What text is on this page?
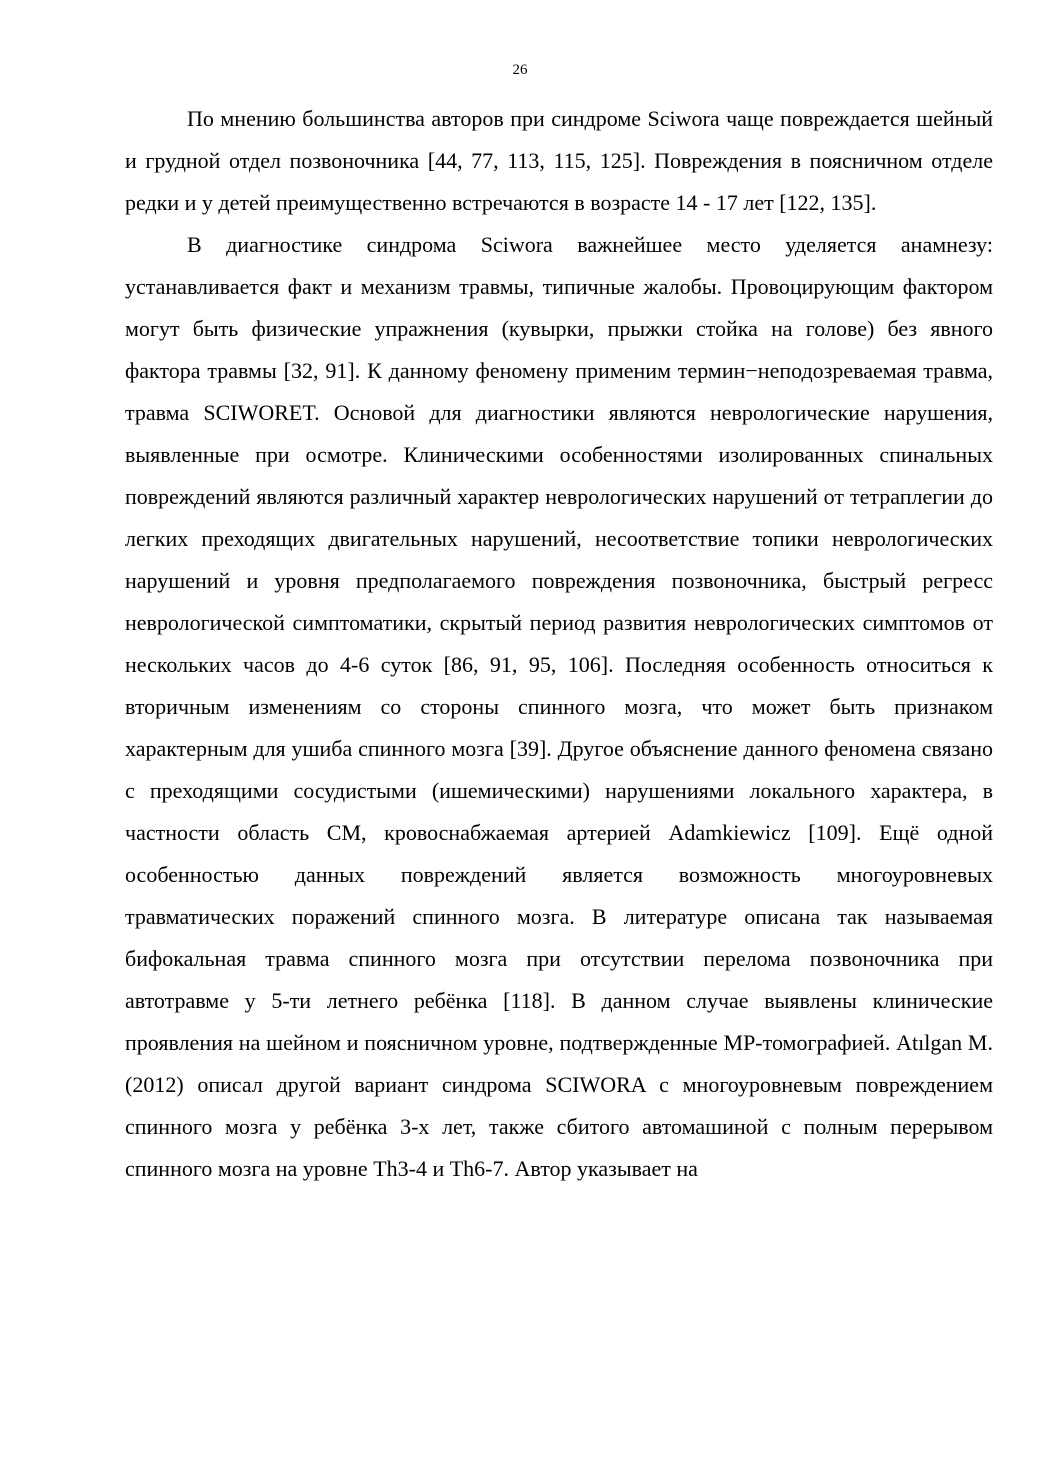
26

По мнению большинства авторов при синдроме Sciwora чаще повреждается шейный и грудной отдел позвоночника [44, 77, 113, 115, 125]. Повреждения в поясничном отделе редки и у детей преимущественно встречаются в возрасте 14 - 17 лет [122, 135].

В диагностике синдрома Sciwora важнейшее место уделяется анамнезу: устанавливается факт и механизм травмы, типичные жалобы. Провоцирующим фактором могут быть физические упражнения (кувырки, прыжки стойка на голове) без явного фактора травмы [32, 91]. К данному феномену применим термин−неподозреваемая травма, травма SCIWORET. Основой для диагностики являются неврологические нарушения, выявленные при осмотре. Клиническими особенностями изолированных спинальных повреждений являются различный характер неврологических нарушений от тетраплегии до легких преходящих двигательных нарушений, несоответствие топики неврологических нарушений и уровня предполагаемого повреждения позвоночника, быстрый регресс неврологической симптоматики, скрытый период развития неврологических симптомов от нескольких часов до 4-6 суток [86, 91, 95, 106]. Последняя особенность относиться к вторичным изменениям со стороны спинного мозга, что может быть признаком характерным для ушиба спинного мозга [39]. Другое объяснение данного феномена связано с преходящими сосудистыми (ишемическими) нарушениями локального характера, в частности область СМ, кровоснабжаемая артерией Adamkiewicz [109]. Ещё одной особенностью данных повреждений является возможность многоуровневых травматических поражений спинного мозга. В литературе описана так называемая бифокальная травма спинного мозга при отсутствии перелома позвоночника при автотравме у 5-ти летнего ребёнка [118]. В данном случае выявлены клинические проявления на шейном и поясничном уровне, подтвержденные МР-томографией. Atılgan M. (2012) описал другой вариант синдрома SCIWORA с многоуровневым повреждением спинного мозга у ребёнка 3-х лет, также сбитого автомашиной с полным перерывом спинного мозга на уровне Th3-4 и Th6-7. Автор указывает на
